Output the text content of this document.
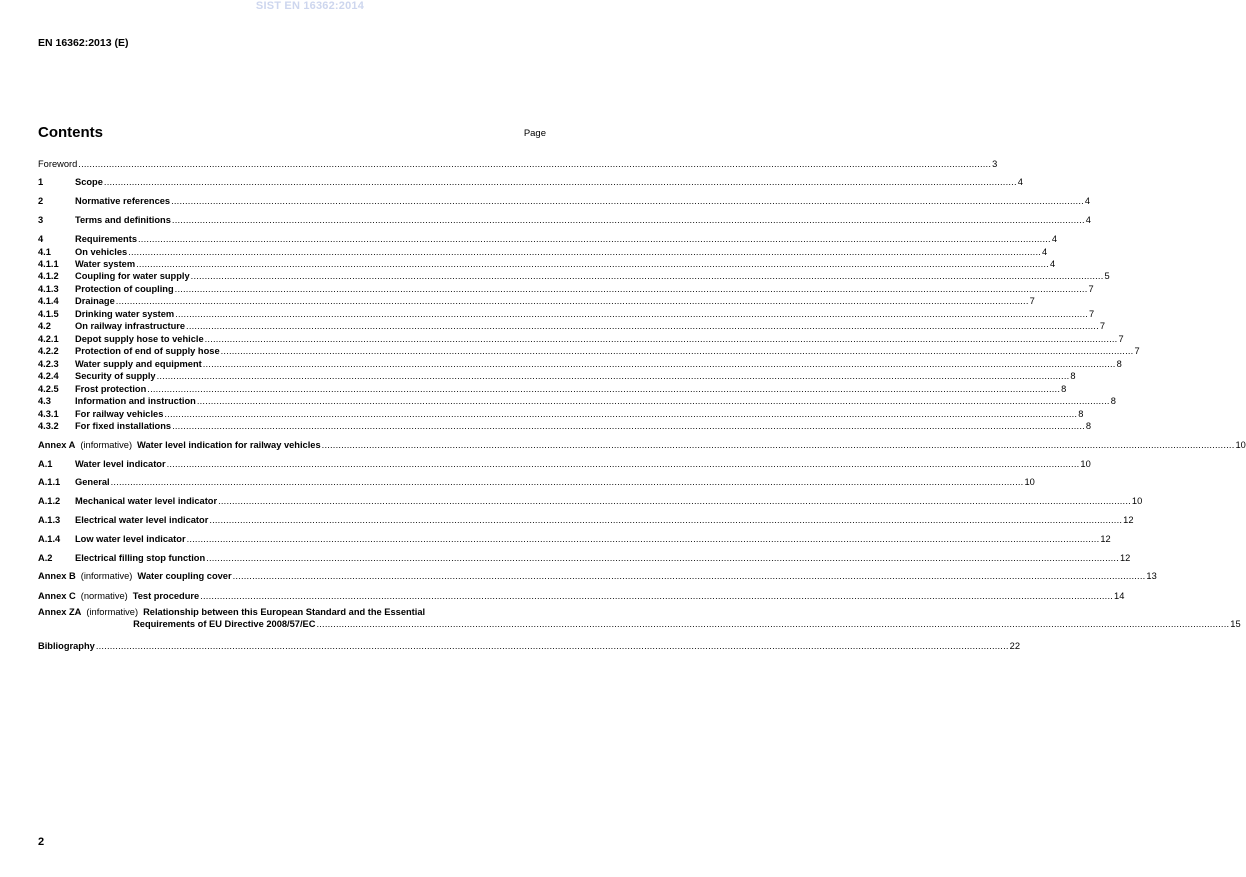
SIST EN 16362:2014
EN 16362:2013 (E)
Contents	Page
Foreword .....	3
1	Scope .....	4
2	Normative references .....	4
3	Terms and definitions .....	4
4	Requirements .....	4
4.1	On vehicles .....	4
4.1.1	Water system .....	4
4.1.2	Coupling for water supply .....	5
4.1.3	Protection of coupling .....	7
4.1.4	Drainage .....	7
4.1.5	Drinking water system .....	7
4.2	On railway infrastructure .....	7
4.2.1	Depot supply hose to vehicle .....	7
4.2.2	Protection of end of supply hose .....	7
4.2.3	Water supply and equipment .....	8
4.2.4	Security of supply .....	8
4.2.5	Frost protection .....	8
4.3	Information and instruction .....	8
4.3.1	For railway vehicles .....	8
4.3.2	For fixed installations .....	8
Annex A (informative) Water level indication for railway vehicles .....	10
A.1	Water level indicator .....	10
A.1.1	General .....	10
A.1.2	Mechanical water level indicator .....	10
A.1.3	Electrical water level indicator .....	12
A.1.4	Low water level indicator .....	12
A.2	Electrical filling stop function .....	12
Annex B (informative) Water coupling cover .....	13
Annex C (normative) Test procedure .....	14
Annex ZA (informative) Relationship between this European Standard and the Essential
Requirements of EU Directive 2008/57/EC .....	15
Bibliography .....	22
2
